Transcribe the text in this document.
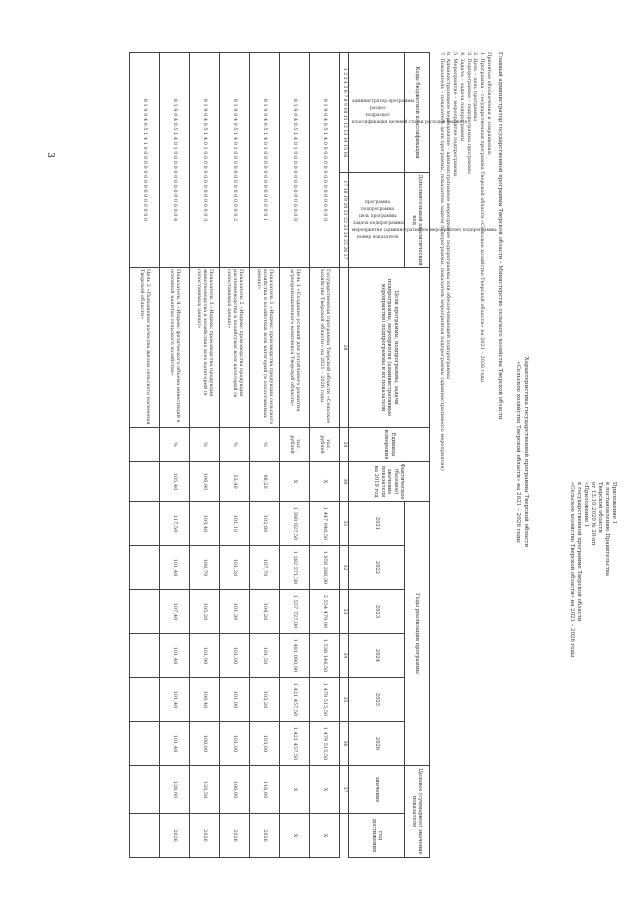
3
Приложение 1
к постановлению Правительства
Тверской области
от 13.10.2020 № 20-пп
«Приложение 1
к государственной программе Тверской области
«Сельское хозяйство Тверской области» на 2021 – 2026 годы
Характеристика государственной программы Тверской области
«Сельское хозяйство Тверской области» на 2021 – 2026 годы
Главный администратор государственной программы Тверской области – Министерство сельского хозяйства Тверской области
Принятые обозначения и сокращения:
1. Программа – государственная программа Тверской области «Сельское хозяйство Тверской области» на 2021 – 2026 годы
2. Цель – цель программы
3. Подпрограмма – подпрограмма программы
4. Задача – задача подпрограммы
5. Мероприятие – мероприятие подпрограммы
6. Административное мероприятие – административное мероприятие подпрограммы или обеспечивающей подпрограммы
7. Показатель – показатель цели программы, показатель задачи подпрограммы, показатель мероприятия подпрограммы (административного мероприятия)
Коды бюджетной классификации	Дополнительный аналитический код	Цели программы, подпрограммы, задачи подпрограммы, мероприятия (административные мероприятия) подпрограммы и их показатели	Единица измерения	Фактическое (базовое) значение показателя на 2019 год	Годы реализации программы						Целевое (суммарное) значение показателя	
администратор программы раздел подраздел классификация целевой статьи расходов бюджета	программа подпрограмма цель программы задача подпрограммы мероприятие (административное мероприятие) подпрограммы номер показателя				2021	2022	2023	2024	2025	2026	значение	год достижения
1 2 3 4 5 6 7 8 9 10 11 12 13 14 15 16	17 18 19 20 21 22 23 24 25 26 27	28	29	30	31	32	33	34	35	36	37	
8 1 9 0 4 0 5 1 4 0 0 0 0 0 0 0 0 0 0 0 0 0 0 0 0 0		Государственная программа Тверской области «Сельское хозяйство Тверской области» на 2021 – 2026 годы	тыс. рублей	Х	1 447 040,50	1 658 286,30	2 554 470,00	1 538 146,50	1 479 515,50	1 479 515,50	Х	Х
8 1 9 0 4 0 5 1 4 0 1 0 0 0 0 0 0 0 0 0 0 0 0 0 0 0		Цель 1 «Создание условий для устойчивого развития агропромышленного комплекса Тверской области»	тыс. рублей	Х	1 390 027,50	1 282 271,30	1 557 727,00	1 481 090,90	1 421 457,50	1 421 457,50	Х	Х
8 1 9 0 4 0 5 1 4 0 1 0 0 0 0 0 0 0 0 0 0 0 0 0 0 1		Показатель 1 «Индекс производства продукции сельского хозяйства в хозяйствах всех категорий (в сопоставимых ценах)»	%	98,20	102,80	107,70	104,20	101,50	103,20	103,00	116,00	2026
8 1 9 0 4 0 5 1 4 0 1 0 0 0 0 0 0 0 0 0 0 0 0 0 0 2		Показатель 2 «Индекс производства продукции растениеводства в хозяйствах всех категорий (в сопоставимых ценах)»	%	53,40	101,10	101,20	101,30	101,00	101,00	101,00	106,00	2026
8 1 9 0 4 0 5 1 4 0 1 0 0 0 0 0 0 0 0 0 0 0 0 0 0 3		Показатель 3 «Индекс производства продукции животноводства в хозяйствах всех категорий (в сопоставимых ценах)»	%	106,90	103,40	106,70	105,20	101,90	100,40	100,00	120,50	2026
8 1 9 0 4 0 5 1 4 0 1 0 0 0 0 0 0 0 0 0 0 0 0 0 0 4		Показатель 4 «Индекс физического объема инвестиций в основной капитал сельского хозяйства»	%	105,40	117,50	101,40	107,40	101,40	101,40	101,40	126,00	2026
8 1 9 0 4 0 5 1 4 1 0 0 0 0 0 0 0 0 0 0 0 0 0 0 0 0		Цель 2 «Повышение качества жизни сельского населения Тверской области»										
